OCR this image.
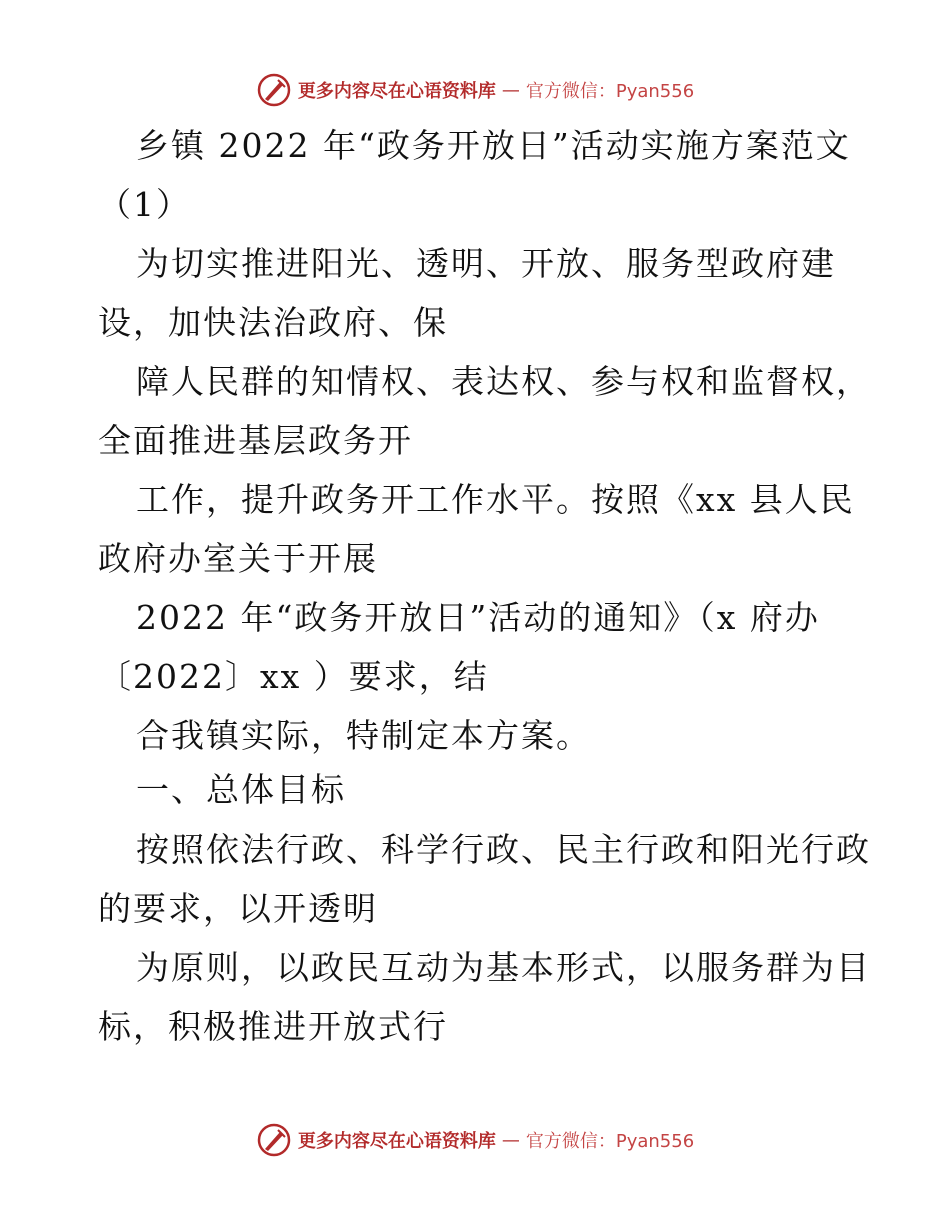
更多内容尽在心语资料库 — 官方微信：Pyan556
乡镇 2022 年“政务开放日”活动实施方案范文
（1）
为切实推进阳光、透明、开放、服务型政府建
设，加快法治政府、保
障人民群的知情权、表达权、参与权和监督权，
全面推进基层政务开
工作，提升政务开工作水平。按照《xx 县人民
政府办室关于开展
2022 年“政务开放日”活动的通知》（x 府办
〔2022〕xx ）要求，结
合我镇实际，特制定本方案。
一、总体目标
按照依法行政、科学行政、民主行政和阳光行政
的要求，以开透明
为原则，以政民互动为基本形式，以服务群为目
标，积极推进开放式行
更多内容尽在心语资料库 — 官方微信：Pyan556
